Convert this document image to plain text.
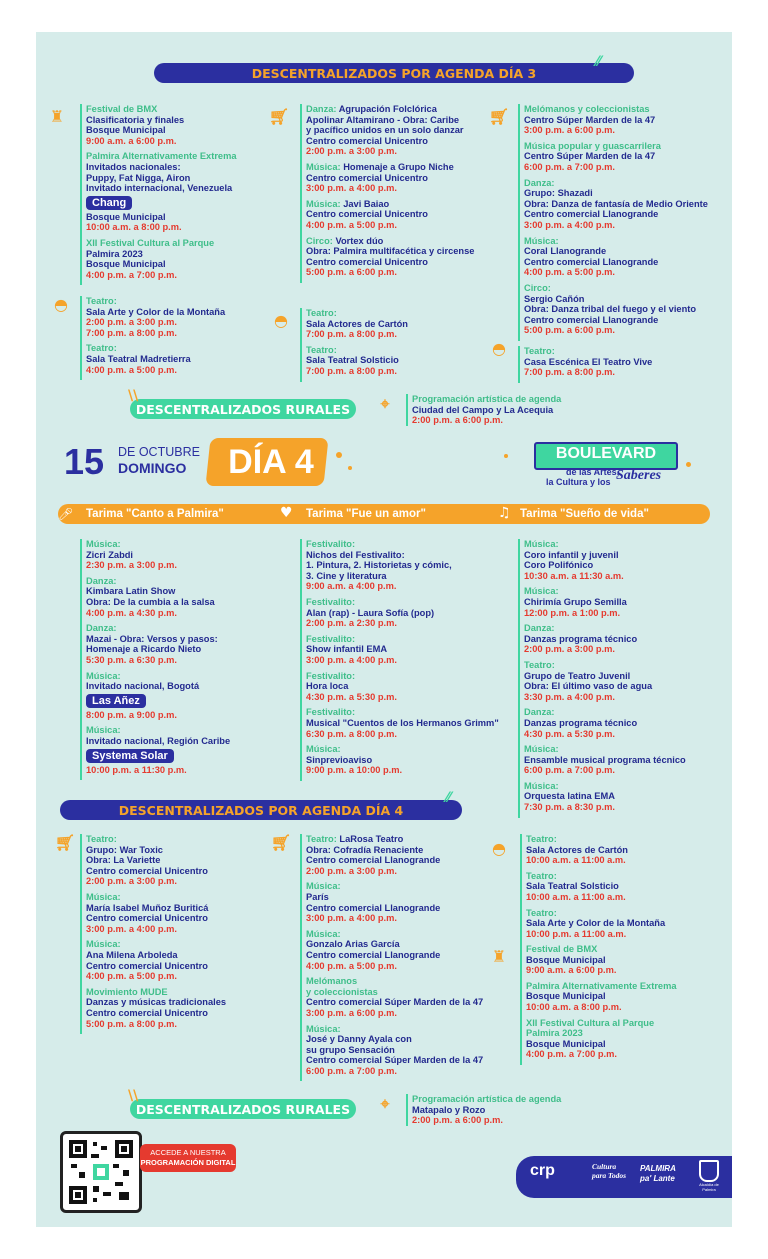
DESCENTRALIZADOS POR AGENDA DÍA 3
⁄⁄
♜	🛒︎	🛒︎
◓
◓
◓
Festival de BMX
Clasificatoria y finales
Bosque Municipal
9:00 a.m. a 6:00 p.m.
Palmira Alternativamente Extrema
Invitados nacionales:
Puppy, Fat Nigga, Airon
Invitado internacional, Venezuela
Chang
Bosque Municipal
10:00 a.m. a 8:00 p.m.
XII Festival Cultura al Parque
Palmira 2023
Bosque Municipal
4:00 p.m. a 7:00 p.m.
Teatro:
Sala Arte y Color de la Montaña
2:00 p.m. a 3:00 p.m.
7:00 p.m. a 8:00 p.m.
Teatro:
Sala Teatral Madretierra
4:00 p.m. a 5:00 p.m.
Danza: Agrupación Folclórica
Apolinar Altamirano - Obra: Caribe
y pacífico unidos en un solo danzar
Centro comercial Unicentro
2:00 p.m. a 3:00 p.m.
Música: Homenaje a Grupo Niche
Centro comercial Unicentro
3:00 p.m. a 4:00 p.m.
Música: Javi Baiao
Centro comercial Unicentro
4:00 p.m. a 5:00 p.m.
Circo: Vortex dúo
Obra: Palmira multifacética y circense
Centro comercial Unicentro
5:00 p.m. a 6:00 p.m.
Teatro:
Sala Actores de Cartón
7:00 p.m. a 8:00 p.m.
Teatro:
Sala Teatral Solsticio
7:00 p.m. a 8:00 p.m.
Melómanos y coleccionistas
Centro Súper Marden de la 47
3:00 p.m. a 6:00 p.m.
Música popular y guascarrilera
Centro Súper Marden de la 47
6:00 p.m. a 7:00 p.m.
Danza:
Grupo: Shazadi
Obra: Danza de fantasía de Medio Oriente
Centro comercial Llanogrande
3:00 p.m. a 4:00 p.m.
Música:
Coral Llanogrande
Centro comercial Llanogrande
4:00 p.m. a 5:00 p.m.
Circo:
Sergio Cañón
Obra: Danza tribal del fuego y el viento
Centro comercial Llanogrande
5:00 p.m. a 6:00 p.m.
Teatro:
Casa Escénica El Teatro Vive
7:00 p.m. a 8:00 p.m.
DESCENTRALIZADOS RURALES
\\	⌖	Programación artística de agenda
Ciudad del Campo y La Acequia
2:00 p.m. a 6:00 p.m.
15 DE OCTUBRE
DOMINGO	DÍA 4	BOULEVARD
de las Artes,
la Cultura y los Saberes
Tarima "Canto a Palmira"	Tarima "Fue un amor"	Tarima "Sueño de vida"
🎤︎	♥	♫
Música:
Zicri Zabdi
2:30 p.m. a 3:00 p.m.
Danza:
Kimbara Latin Show
Obra: De la cumbia a la salsa
4:00 p.m. a 4:30 p.m.
Danza:
Mazai - Obra: Versos y pasos:
Homenaje a Ricardo Nieto
5:30 p.m. a 6:30 p.m.
Música:
Invitado nacional, Bogotá
Las Añez
8:00 p.m. a 9:00 p.m.
Música:
Invitado nacional, Región Caribe
Systema Solar
10:00 p.m. a 11:30 p.m.
Festivalito:
Nichos del Festivalito:
1. Pintura, 2. Historietas y cómic,
3. Cine y literatura
9:00 a.m. a 4:00 p.m.
Festivalito:
Alan (rap) - Laura Sofía (pop)
2:00 p.m. a 2:30 p.m.
Festivalito:
Show infantil EMA
3:00 p.m. a 4:00 p.m.
Festivalito:
Hora loca
4:30 p.m. a 5:30 p.m.
Festivalito:
Musical "Cuentos de los Hermanos Grimm"
6:30 p.m. a 8:00 p.m.
Música:
Sinprevioaviso
9:00 p.m. a 10:00 p.m.
Música:
Coro infantil y juvenil
Coro Polifónico
10:30 a.m. a 11:30 a.m.
Música:
Chirimía Grupo Semilla
12:00 p.m. a 1:00 p.m.
Danza:
Danzas programa técnico
2:00 p.m. a 3:00 p.m.
Teatro:
Grupo de Teatro Juvenil
Obra: El último vaso de agua
3:30 p.m. a 4:00 p.m.
Danza:
Danzas programa técnico
4:30 p.m. a 5:30 p.m.
Música:
Ensamble musical programa técnico
6:00 p.m. a 7:00 p.m.
Música:
Orquesta latina EMA
7:30 p.m. a 8:30 p.m.
DESCENTRALIZADOS POR AGENDA DÍA 4
⁄⁄
🛒︎	🛒︎	◓
♜
Teatro:
Grupo: War Toxic
Obra: La Variette
Centro comercial Unicentro
2:00 p.m. a 3:00 p.m.
Música:
María Isabel Muñoz Buriticá
Centro comercial Unicentro
3:00 p.m. a 4:00 p.m.
Música:
Ana Milena Arboleda
Centro comercial Unicentro
4:00 p.m. a 5:00 p.m.
Movimiento MUDE
Danzas y músicas tradicionales
Centro comercial Unicentro
5:00 p.m. a 8:00 p.m.
Teatro: LaRosa Teatro
Obra: Cofradía Renaciente
Centro comercial Llanogrande
2:00 p.m. a 3:00 p.m.
Música:
París
Centro comercial Llanogrande
3:00 p.m. a 4:00 p.m.
Música:
Gonzalo Arias García
Centro comercial Llanogrande
4:00 p.m. a 5:00 p.m.
Melómanos
y coleccionistas
Centro comercial Súper Marden de la 47
3:00 p.m. a 6:00 p.m.
Música:
José y Danny Ayala con
su grupo Sensación
Centro comercial Súper Marden de la 47
6:00 p.m. a 7:00 p.m.
Teatro:
Sala Actores de Cartón
10:00 a.m. a 11:00 a.m.
Teatro:
Sala Teatral Solsticio
10:00 a.m. a 11:00 a.m.
Teatro:
Sala Arte y Color de la Montaña
10:00 p.m. a 11:00 a.m.
Festival de BMX
Bosque Municipal
9:00 a.m. a 6:00 p.m.
Palmira Alternativamente Extrema
Bosque Municipal
10:00 a.m. a 8:00 p.m.
XII Festival Cultura al Parque
Palmira 2023
Bosque Municipal
4:00 p.m. a 7:00 p.m.
DESCENTRALIZADOS RURALES
\\	⌖	Programación artística de agenda
Matapalo y Rozo
2:00 p.m. a 6:00 p.m.
ACCEDE A NUESTRA
PROGRAMACIÓN DIGITAL	crp	Cultura para Todos
PALMIRA pa' Lante
Alcaldía de Palmira
